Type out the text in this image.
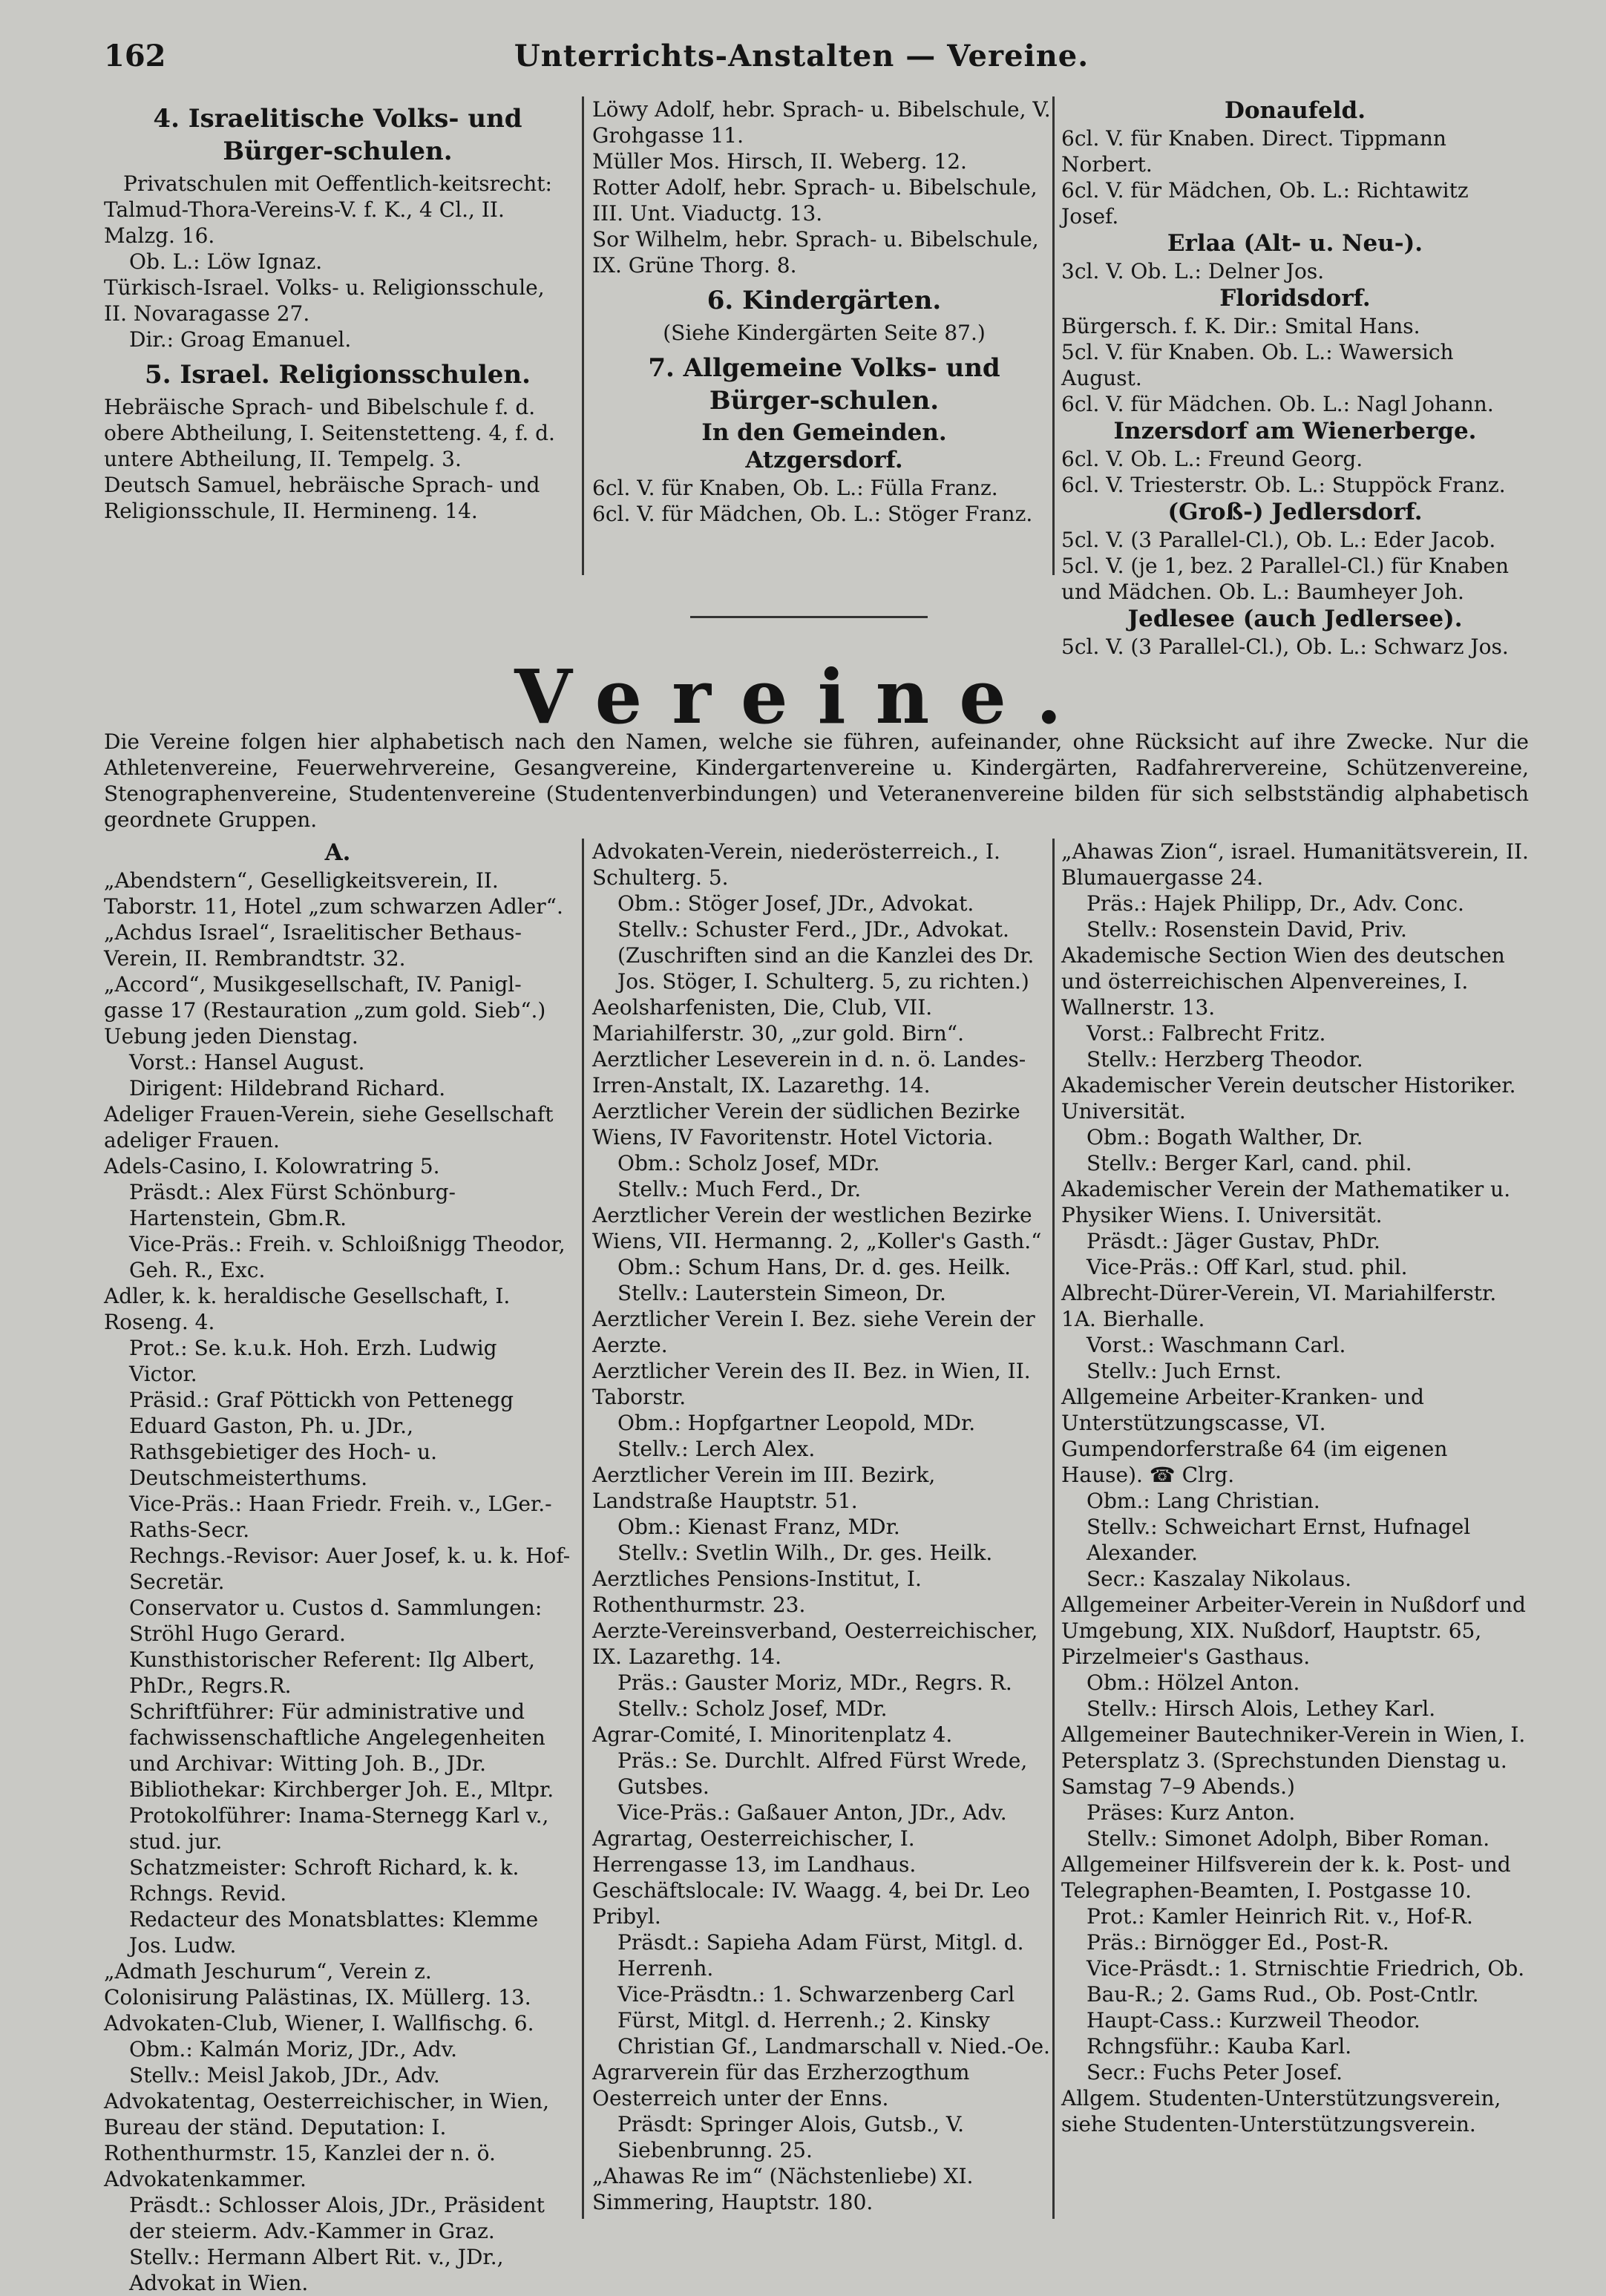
162	Unterrichts-Anstalten — Vereine.
4. Israelitische Volks- und Bürger-schulen.
Privatschulen mit Oeffentlich-keitsrecht:
Talmud-Thora-Vereins-V. f. K., 4 Cl., II. Malzg. 16.
Ob. L.: Löw Ignaz.
Türkisch-Israel. Volks- u. Religionsschule, II. Novaragasse 27.
Dir.: Groag Emanuel.
5. Israel. Religionsschulen.
Hebräische Sprach- und Bibelschule f. d. obere Abtheilung, I. Seitenstetteng. 4, f. d. untere Abtheilung, II. Tempelg. 3.
Deutsch Samuel, hebräische Sprach- und Religionsschule, II. Hermineng. 14.
Löwy Adolf, hebr. Sprach- u. Bibelschule, V. Grohgasse 11.
Müller Mos. Hirsch, II. Weberg. 12.
Rotter Adolf, hebr. Sprach- u. Bibelschule, III. Unt. Viaductg. 13.
Sor Wilhelm, hebr. Sprach- u. Bibelschule, IX. Grüne Thorg. 8.
6. Kindergärten.
(Siehe Kindergärten Seite 87.)
7. Allgemeine Volks- und Bürger-schulen.
In den Gemeinden.
Atzgersdorf.
6cl. V. für Knaben, Ob. L.: Fülla Franz.
6cl. V. für Mädchen, Ob. L.: Stöger Franz.
Donaufeld.
6cl. V. für Knaben. Direct. Tippmann Norbert.
6cl. V. für Mädchen, Ob. L.: Richtawitz Josef.
Erlaa (Alt- u. Neu-).
3cl. V. Ob. L.: Delner Jos.
Floridsdorf.
Bürgersch. f. K. Dir.: Smital Hans.
5cl. V. für Knaben. Ob. L.: Wawersich August.
6cl. V. für Mädchen. Ob. L.: Nagl Johann.
Inzersdorf am Wienerberge.
6cl. V. Ob. L.: Freund Georg.
6cl. V. Triesterstr. Ob. L.: Stuppöck Franz.
(Groß-) Jedlersdorf.
5cl. V. (3 Parallel-Cl.), Ob. L.: Eder Jacob.
5cl. V. (je 1, bez. 2 Parallel-Cl.) für Knaben und Mädchen. Ob. L.: Baumheyer Joh.
Jedlesee (auch Jedlersee).
5cl. V. (3 Parallel-Cl.), Ob. L.: Schwarz Jos.
Vereine.
Die Vereine folgen hier alphabetisch nach den Namen, welche sie führen, aufeinander, ohne Rücksicht auf ihre Zwecke. Nur die Athletenvereine, Feuerwehrvereine, Gesangvereine, Kindergartenvereine u. Kindergärten, Radfahrervereine, Schützenvereine, Stenographenvereine, Studentenvereine (Studentenverbindungen) und Veteranenvereine bilden für sich selbstständig alphabetisch geordnete Gruppen.
A.
„Abendstern“, Geselligkeitsverein, II. Taborstr. 11, Hotel „zum schwarzen Adler“.
„Achdus Israel“, Israelitischer Bethaus-Verein, II. Rembrandtstr. 32.
„Accord“, Musikgesellschaft, IV. Panigl-gasse 17 (Restauration „zum gold. Sieb“.) Uebung jeden Dienstag.
Vorst.: Hansel August.
Dirigent: Hildebrand Richard.
Adeliger Frauen-Verein, siehe Gesellschaft adeliger Frauen.
Adels-Casino, I. Kolowratring 5.
Präsdt.: Alex Fürst Schönburg-Hartenstein, Gbm.R.
Vice-Präs.: Freih. v. Schloißnigg Theodor, Geh. R., Exc.
Adler, k. k. heraldische Gesellschaft, I. Roseng. 4.
Prot.: Se. k.u.k. Hoh. Erzh. Ludwig Victor.
Präsid.: Graf Pöttickh von Pettenegg Eduard Gaston, Ph. u. JDr., Rathsgebietiger des Hoch- u. Deutschmeisterthums.
Vice-Präs.: Haan Friedr. Freih. v., LGer.-Raths-Secr.
Rechngs.-Revisor: Auer Josef, k. u. k. Hof-Secretär.
Conservator u. Custos d. Sammlungen: Ströhl Hugo Gerard.
Kunsthistorischer Referent: Ilg Albert, PhDr., Regrs.R.
Schriftführer: Für administrative und fachwissenschaftliche Angelegenheiten und Archivar: Witting Joh. B., JDr.
Bibliothekar: Kirchberger Joh. E., Mltpr.
Protokolführer: Inama-Sternegg Karl v., stud. jur.
Schatzmeister: Schroft Richard, k. k. Rchngs. Revid.
Redacteur des Monatsblattes: Klemme Jos. Ludw.
„Admath Jeschurum“, Verein z. Colonisirung Palästinas, IX. Müllerg. 13.
Advokaten-Club, Wiener, I. Wallfischg. 6.
Obm.: Kalmán Moriz, JDr., Adv.
Stellv.: Meisl Jakob, JDr., Adv.
Advokatentag, Oesterreichischer, in Wien, Bureau der ständ. Deputation: I. Rothenthurmstr. 15, Kanzlei der n. ö. Advokatenkammer.
Präsdt.: Schlosser Alois, JDr., Präsident der steierm. Adv.-Kammer in Graz.
Stellv.: Hermann Albert Rit. v., JDr., Advokat in Wien.
Advokaten-Verein, niederösterreich., I. Schulterg. 5.
Obm.: Stöger Josef, JDr., Advokat.
Stellv.: Schuster Ferd., JDr., Advokat. (Zuschriften sind an die Kanzlei des Dr. Jos. Stöger, I. Schulterg. 5, zu richten.)
Aeolsharfenisten, Die, Club, VII. Mariahilferstr. 30, „zur gold. Birn“.
Aerztlicher Leseverein in d. n. ö. Landes-Irren-Anstalt, IX. Lazarethg. 14.
Aerztlicher Verein der südlichen Bezirke Wiens, IV Favoritenstr. Hotel Victoria.
Obm.: Scholz Josef, MDr.
Stellv.: Much Ferd., Dr.
Aerztlicher Verein der westlichen Bezirke Wiens, VII. Hermanng. 2, „Koller's Gasth.“
Obm.: Schum Hans, Dr. d. ges. Heilk.
Stellv.: Lauterstein Simeon, Dr.
Aerztlicher Verein I. Bez. siehe Verein der Aerzte.
Aerztlicher Verein des II. Bez. in Wien, II. Taborstr.
Obm.: Hopfgartner Leopold, MDr.
Stellv.: Lerch Alex.
Aerztlicher Verein im III. Bezirk, Landstraße Hauptstr. 51.
Obm.: Kienast Franz, MDr.
Stellv.: Svetlin Wilh., Dr. ges. Heilk.
Aerztliches Pensions-Institut, I. Rothenthurmstr. 23.
Aerzte-Vereinsverband, Oesterreichischer, IX. Lazarethg. 14.
Präs.: Gauster Moriz, MDr., Regrs. R.
Stellv.: Scholz Josef, MDr.
Agrar-Comité, I. Minoritenplatz 4.
Präs.: Se. Durchlt. Alfred Fürst Wrede, Gutsbes.
Vice-Präs.: Gaßauer Anton, JDr., Adv.
Agrartag, Oesterreichischer, I. Herrengasse 13, im Landhaus. Geschäftslocale: IV. Waagg. 4, bei Dr. Leo Pribyl.
Präsdt.: Sapieha Adam Fürst, Mitgl. d. Herrenh.
Vice-Präsdtn.: 1. Schwarzenberg Carl Fürst, Mitgl. d. Herrenh.; 2. Kinsky Christian Gf., Landmarschall v. Nied.-Oe.
Agrarverein für das Erzherzogthum Oesterreich unter der Enns.
Präsdt: Springer Alois, Gutsb., V. Siebenbrunng. 25.
„Ahawas Re im“ (Nächstenliebe) XI. Simmering, Hauptstr. 180.
„Ahawas Zion“, israel. Humanitätsverein, II. Blumauergasse 24.
Präs.: Hajek Philipp, Dr., Adv. Conc.
Stellv.: Rosenstein David, Priv.
Akademische Section Wien des deutschen und österreichischen Alpenvereines, I. Wallnerstr. 13.
Vorst.: Falbrecht Fritz.
Stellv.: Herzberg Theodor.
Akademischer Verein deutscher Historiker. Universität.
Obm.: Bogath Walther, Dr.
Stellv.: Berger Karl, cand. phil.
Akademischer Verein der Mathematiker u. Physiker Wiens. I. Universität.
Präsdt.: Jäger Gustav, PhDr.
Vice-Präs.: Off Karl, stud. phil.
Albrecht-Dürer-Verein, VI. Mariahilferstr. 1A. Bierhalle.
Vorst.: Waschmann Carl.
Stellv.: Juch Ernst.
Allgemeine Arbeiter-Kranken- und Unterstützungscasse, VI. Gumpendorferstraße 64 (im eigenen Hause). ☎ Clrg.
Obm.: Lang Christian.
Stellv.: Schweichart Ernst, Hufnagel Alexander.
Secr.: Kaszalay Nikolaus.
Allgemeiner Arbeiter-Verein in Nußdorf und Umgebung, XIX. Nußdorf, Hauptstr. 65, Pirzelmeier's Gasthaus.
Obm.: Hölzel Anton.
Stellv.: Hirsch Alois, Lethey Karl.
Allgemeiner Bautechniker-Verein in Wien, I. Petersplatz 3. (Sprechstunden Dienstag u. Samstag 7–9 Abends.)
Präses: Kurz Anton.
Stellv.: Simonet Adolph, Biber Roman.
Allgemeiner Hilfsverein der k. k. Post- und Telegraphen-Beamten, I. Postgasse 10.
Prot.: Kamler Heinrich Rit. v., Hof-R.
Präs.: Birnögger Ed., Post-R.
Vice-Präsdt.: 1. Strnischtie Friedrich, Ob. Bau-R.; 2. Gams Rud., Ob. Post-Cntlr.
Haupt-Cass.: Kurzweil Theodor.
Rchngsführ.: Kauba Karl.
Secr.: Fuchs Peter Josef.
Allgem. Studenten-Unterstützungsverein, siehe Studenten-Unterstützungsverein.
